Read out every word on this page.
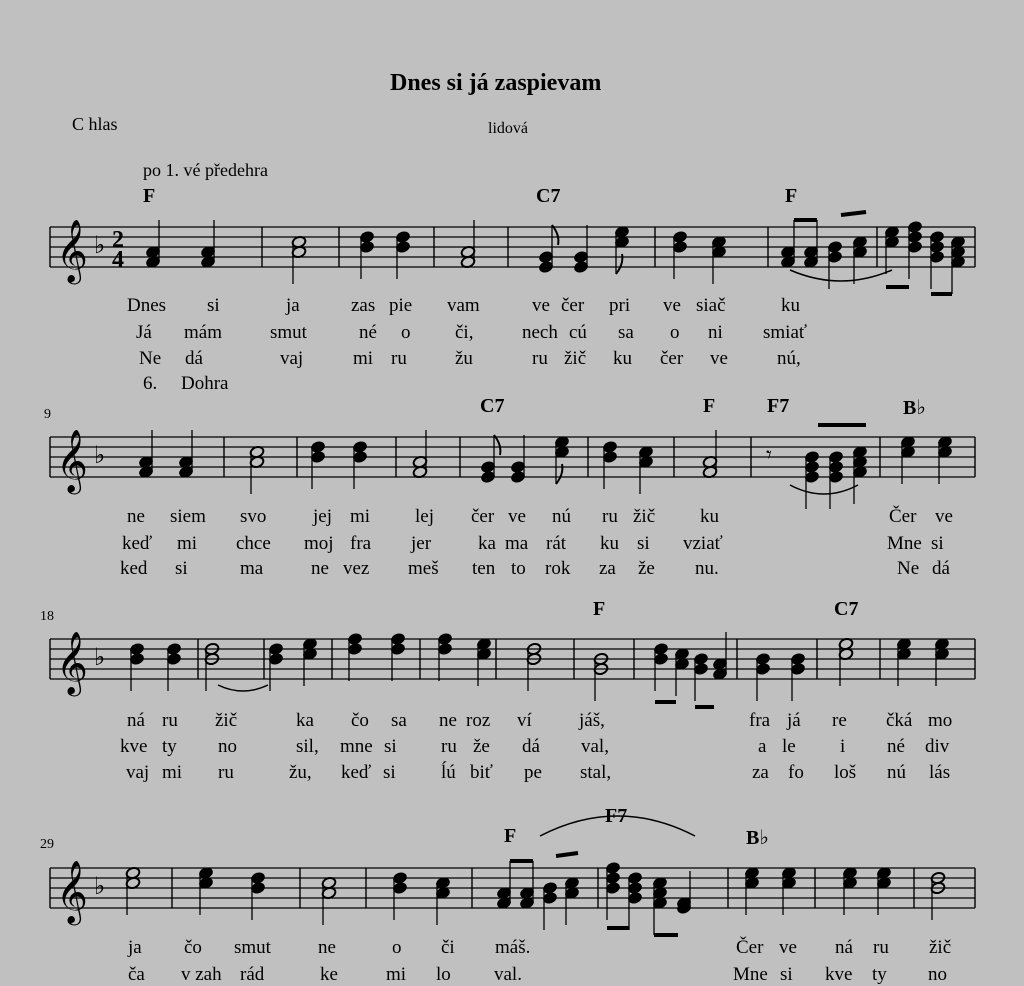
Dnes si já zaspievam
C hlas	lidová
po 1. vé předehra
F	C7	F
𝄞 ♭ 2
4
Dnes si	ja	zas pie vam	ve čer pri ve siač	ku
Já mám	smut	né o či,	nech cú sa o ni smiať
Ne dá	vaj	mi ru	žu	ru žič ku čer ve	nú,
6. Dohra
9	C7	F	F7	B♭
𝄞 ♭	𝄾
ne siem svo jej mi lej čer ve nú ru žič ku	Čer ve
keď mi chce moj fra jer ka ma rát ku si vziať	Mne si
ked si	ma	ne vez meš ten to rok za že nu.	Ne dá
18	F	C7
𝄞 ♭
ná ru žič	ka čo sa ne roz ví jáš,	fra já re čká mo
kve ty no	sil, mne si ru že dá val,	a le i né div
vaj mi ru	žu, keď si ĺú biť pe stal,	za fo loš nú lás
29	F
F7
B♭
𝄞 ♭
ja čo smut ne	o či máš.	Čer ve ná ru žič
ča v zah rád	ke	mi lo val.	Mne si kve ty no
